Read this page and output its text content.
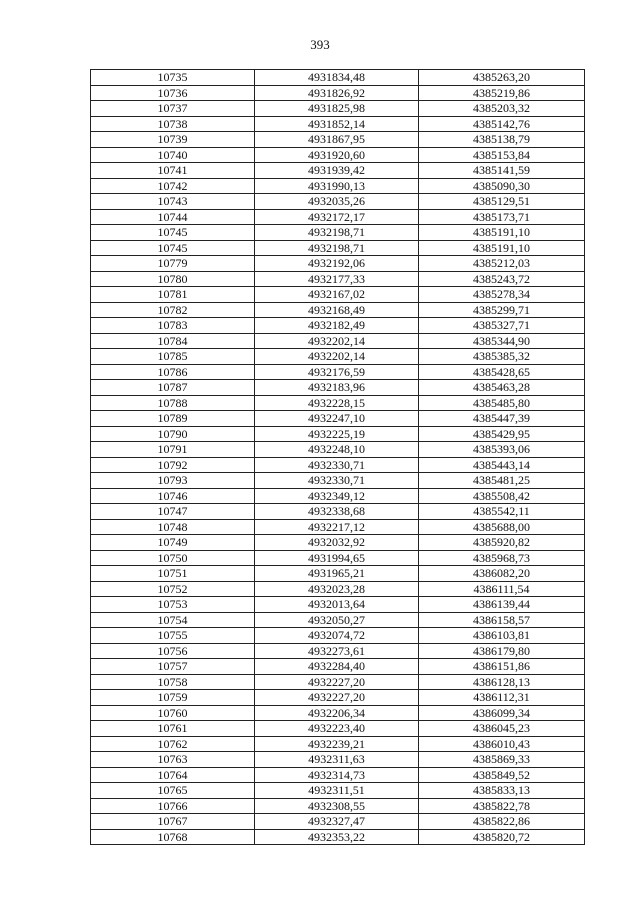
393
10735	4931834,48	4385263,20
10736	4931826,92	4385219,86
10737	4931825,98	4385203,32
10738	4931852,14	4385142,76
10739	4931867,95	4385138,79
10740	4931920,60	4385153,84
10741	4931939,42	4385141,59
10742	4931990,13	4385090,30
10743	4932035,26	4385129,51
10744	4932172,17	4385173,71
10745	4932198,71	4385191,10
10745	4932198,71	4385191,10
10779	4932192,06	4385212,03
10780	4932177,33	4385243,72
10781	4932167,02	4385278,34
10782	4932168,49	4385299,71
10783	4932182,49	4385327,71
10784	4932202,14	4385344,90
10785	4932202,14	4385385,32
10786	4932176,59	4385428,65
10787	4932183,96	4385463,28
10788	4932228,15	4385485,80
10789	4932247,10	4385447,39
10790	4932225,19	4385429,95
10791	4932248,10	4385393,06
10792	4932330,71	4385443,14
10793	4932330,71	4385481,25
10746	4932349,12	4385508,42
10747	4932338,68	4385542,11
10748	4932217,12	4385688,00
10749	4932032,92	4385920,82
10750	4931994,65	4385968,73
10751	4931965,21	4386082,20
10752	4932023,28	4386111,54
10753	4932013,64	4386139,44
10754	4932050,27	4386158,57
10755	4932074,72	4386103,81
10756	4932273,61	4386179,80
10757	4932284,40	4386151,86
10758	4932227,20	4386128,13
10759	4932227,20	4386112,31
10760	4932206,34	4386099,34
10761	4932223,40	4386045,23
10762	4932239,21	4386010,43
10763	4932311,63	4385869,33
10764	4932314,73	4385849,52
10765	4932311,51	4385833,13
10766	4932308,55	4385822,78
10767	4932327,47	4385822,86
10768	4932353,22	4385820,72
